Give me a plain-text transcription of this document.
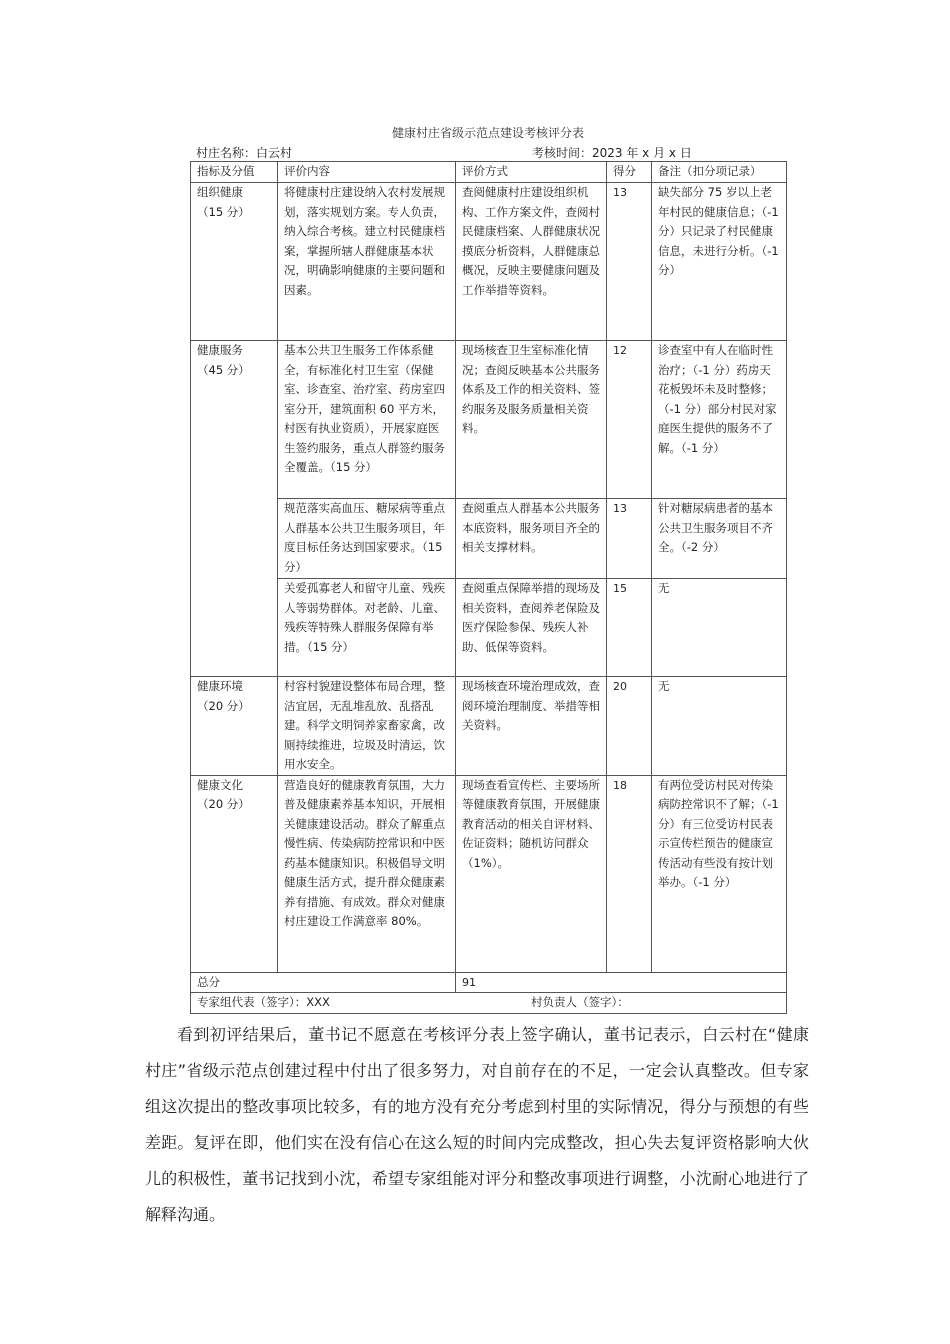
健康村庄省级示范点建设考核评分表
村庄名称：白云村	考核时间：2023 年 x 月 x 日
指标及分值	评价内容	评价方式	得分	备注（扣分项记录）

组织健康
（15 分）	将健康村庄建设纳入农村发展规划，落实规划方案。专人负责，纳入综合考核。建立村民健康档案，掌握所辖人群健康基本状况，明确影响健康的主要问题和因素。	查阅健康村庄建设组织机构、工作方案文件，查阅村民健康档案、人群健康状况摸底分析资料，人群健康总概况，反映主要健康问题及工作举措等资料。	13	缺失部分 75 岁以上老年村民的健康信息；（-1 分）只记录了村民健康信息，未进行分析。（-1 分）

健康服务
（45 分）	基本公共卫生服务工作体系健全，有标准化村卫生室（保健室、诊查室、治疗室、药房室四室分开，建筑面积 60 平方米，村医有执业资质），开展家庭医生签约服务，重点人群签约服务全覆盖。（15 分）	现场核查卫生室标准化情况；查阅反映基本公共服务体系及工作的相关资料、签约服务及服务质量相关资料。	12	诊查室中有人在临时性治疗；（-1 分）药房天花板毁坏未及时整修；（-1 分）部分村民对家庭医生提供的服务不了解。（-1 分）
	规范落实高血压、糖尿病等重点人群基本公共卫生服务项目，年度目标任务达到国家要求。（15 分）	查阅重点人群基本公共服务本底资料，服务项目齐全的相关支撑材料。	13	针对糖尿病患者的基本公共卫生服务项目不齐全。（-2 分）
	关爱孤寡老人和留守儿童、残疾人等弱势群体。对老龄、儿童、残疾等特殊人群服务保障有举措。（15 分）	查阅重点保障举措的现场及相关资料，查阅养老保险及医疗保险参保、残疾人补助、低保等资料。	15	无

健康环境
（20 分）	村容村貌建设整体布局合理，整洁宜居，无乱堆乱放、乱搭乱建。科学文明饲养家畜家禽，改厕持续推进，垃圾及时清运，饮用水安全。	现场核查环境治理成效，查阅环境治理制度、举措等相关资料。	20	无

健康文化
（20 分）	营造良好的健康教育氛围，大力普及健康素养基本知识，开展相关健康建设活动。群众了解重点慢性病、传染病防控常识和中医药基本健康知识。积极倡导文明健康生活方式，提升群众健康素养有措施、有成效。群众对健康村庄建设工作满意率 80%。	现场查看宣传栏、主要场所等健康教育氛围，开展健康教育活动的相关自评材料、佐证资料；随机访问群众（1%）。	18	有两位受访村民对传染病防控常识不了解；（-1 分）有三位受访村民表示宣传栏预告的健康宣传活动有些没有按计划举办。（-1 分）
总分		91		

专家组代表（签字）：XXX 村负责人（签字）：				
看到初评结果后，董书记不愿意在考核评分表上签字确认，董书记表示，白云村在“健康村庄”省级示范点创建过程中付出了很多努力，对自前存在的不足，一定会认真整改。但专家组这次提出的整改事项比较多，有的地方没有充分考虑到村里的实际情况，得分与预想的有些差距。复评在即，他们实在没有信心在这么短的时间内完成整改，担心失去复评资格影响大伙儿的积极性，董书记找到小沈，希望专家组能对评分和整改事项进行调整，小沈耐心地进行了解释沟通。
